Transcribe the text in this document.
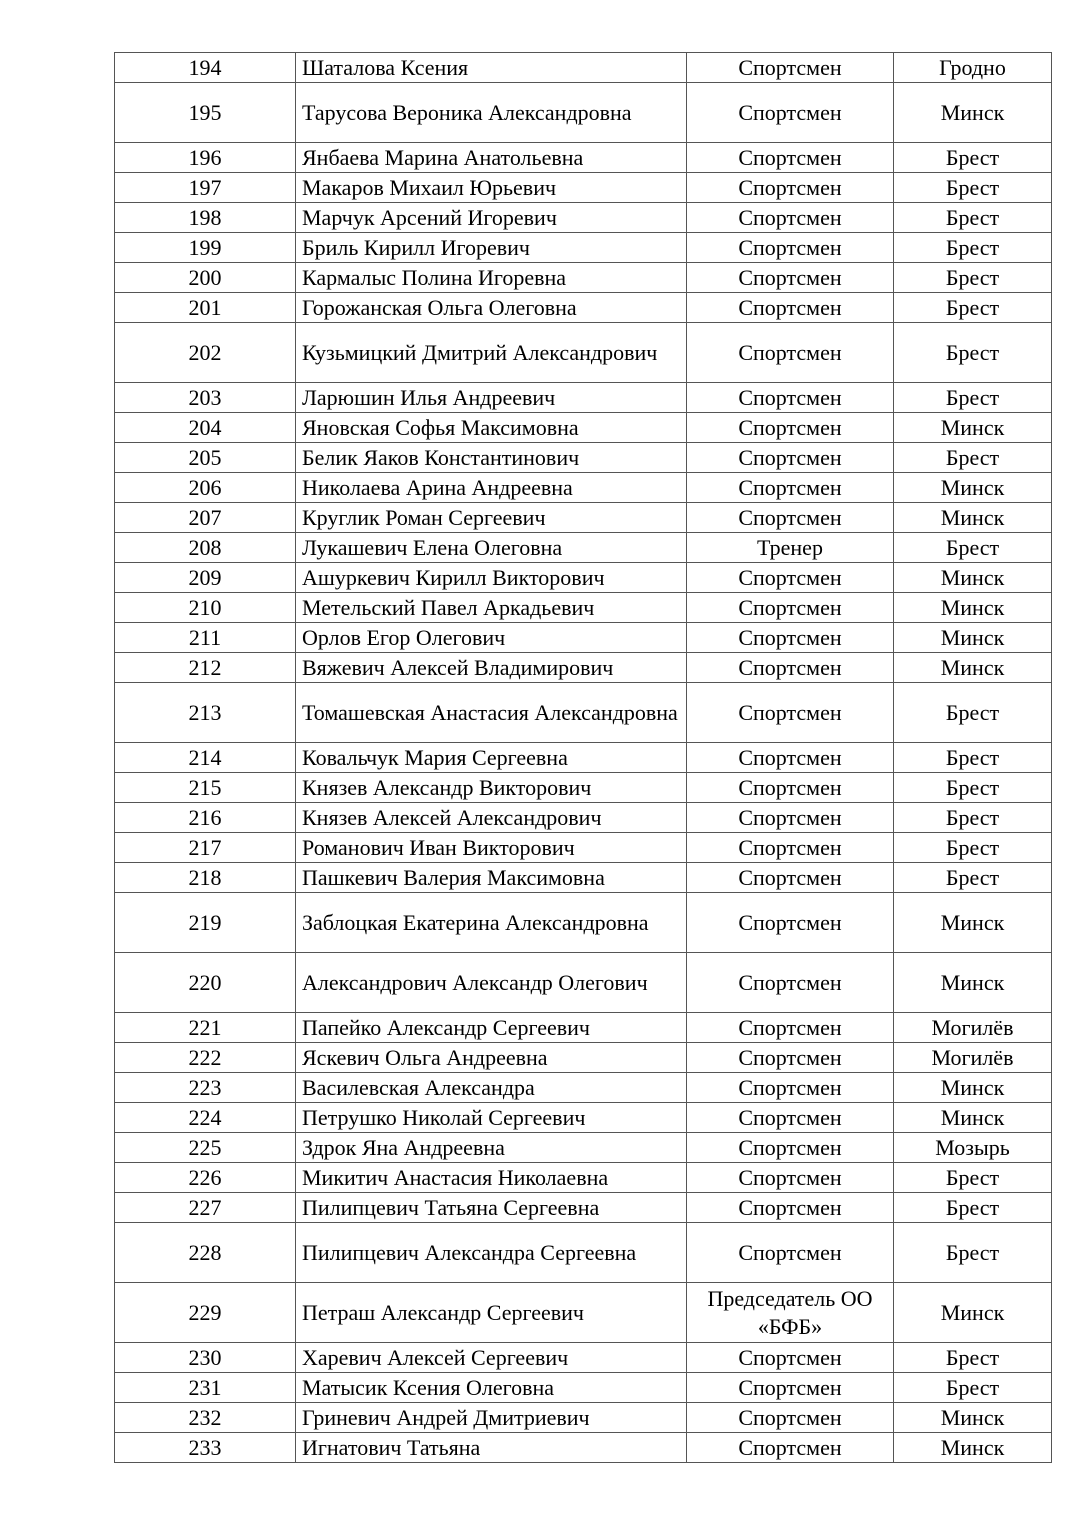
194	Шаталова Ксения	Спортсмен	Гродно
195	Тарусова Вероника Александровна	Спортсмен	Минск
196	Янбаева Марина Анатольевна	Спортсмен	Брест
197	Макаров Михаил Юрьевич	Спортсмен	Брест
198	Марчук Арсений Игоревич	Спортсмен	Брест
199	Бриль Кирилл Игоревич	Спортсмен	Брест
200	Кармалыс Полина Игоревна	Спортсмен	Брест
201	Горожанская Ольга Олеговна	Спортсмен	Брест
202	Кузьмицкий Дмитрий Александрович	Спортсмен	Брест
203	Ларюшин Илья Андреевич	Спортсмен	Брест
204	Яновская Софья Максимовна	Спортсмен	Минск
205	Белик Яаков Константинович	Спортсмен	Брест
206	Николаева Арина Андреевна	Спортсмен	Минск
207	Круглик Роман Сергеевич	Спортсмен	Минск
208	Лукашевич Елена Олеговна	Тренер	Брест
209	Ашуркевич Кирилл Викторович	Спортсмен	Минск
210	Метельский Павел Аркадьевич	Спортсмен	Минск
211	Орлов Егор Олегович	Спортсмен	Минск
212	Вяжевич Алексей Владимирович	Спортсмен	Минск
213	Томашевская Анастасия Александровна	Спортсмен	Брест
214	Ковальчук Мария Сергеевна	Спортсмен	Брест
215	Князев Александр Викторович	Спортсмен	Брест
216	Князев Алексей Александрович	Спортсмен	Брест
217	Романович Иван Викторович	Спортсмен	Брест
218	Пашкевич Валерия Максимовна	Спортсмен	Брест
219	Заблоцкая Екатерина Александровна	Спортсмен	Минск
220	Александрович Александр Олегович	Спортсмен	Минск
221	Папейко Александр Сергеевич	Спортсмен	Могилёв
222	Яскевич Ольга Андреевна	Спортсмен	Могилёв
223	Василевская Александра	Спортсмен	Минск
224	Петрушко Николай Сергеевич	Спортсмен	Минск
225	Здрок Яна Андреевна	Спортсмен	Мозырь
226	Микитич Анастасия Николаевна	Спортсмен	Брест
227	Пилипцевич Татьяна Сергеевна	Спортсмен	Брест
228	Пилипцевич Александра Сергеевна	Спортсмен	Брест
229	Петраш Александр Сергеевич	Председатель ОО «БФБ»	Минск
230	Харевич Алексей Сергеевич	Спортсмен	Брест
231	Матысик Ксения Олеговна	Спортсмен	Брест
232	Гриневич Андрей Дмитриевич	Спортсмен	Минск
233	Игнатович Татьяна	Спортсмен	Минск
